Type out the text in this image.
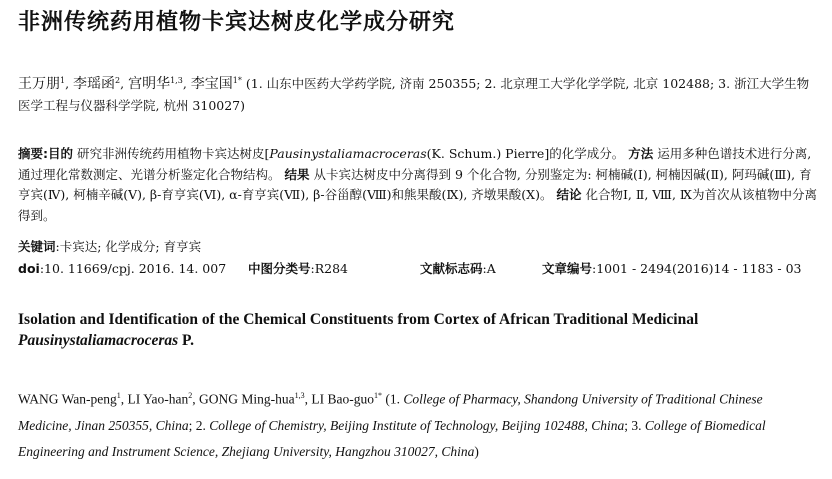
非洲传统药用植物卡宾达树皮化学成分研究
王万朋$^1$, 李瑶函$^2$, 宫明华$^{1,3}$, 李宝国$^{1*}$ (1. 山东中医药大学药学院, 济南 250355; 2. 北京理工大学化学学院, 北京 102488; 3. 浙江大学生物医学工程与仪器科学学院, 杭州 310027)
摘要:目的 研究非洲传统药用植物卡宾达树皮[Pausinystaliamacroceras(K. Schum.) Pierre]的化学成分。 方法 运用多种色谱技术进行分离, 通过理化常数测定、光谱分析鉴定化合物结构。 结果 从卡宾达树皮中分离得到 9 个化合物, 分别鉴定为: 柯楠碱(Ⅰ), 柯楠因碱(Ⅱ), 阿玛碱(Ⅲ), 育亨宾(Ⅳ), 柯楠辛碱(Ⅴ), β-育亨宾(Ⅵ), α-育亨宾(Ⅶ), β-谷甾醇(Ⅷ)和熊果酸(Ⅸ), 齐墩果酸(Ⅹ)。 结论 化合物Ⅰ, Ⅱ, Ⅷ, Ⅸ为首次从该植物中分离得到。
关键词:卡宾达; 化学成分; 育亨宾
doi:10. 11669/cpj. 2016. 14. 007 中图分类号:R284	文献标志码:A	文章编号:1001 - 2494(2016)14 - 1183 - 03
Isolation and Identification of the Chemical Constituents from Cortex of African Traditional Medicinal Pausinystaliamacroceras P.
WANG Wan-peng$^1$, LI Yao-han$^2$, GONG Ming-hua$^{1,3}$, LI Bao-guo$^{1*}$ (1. College of Pharmacy, Shandong University of Traditional Chinese Medicine, Jinan 250355, China; 2. College of Chemistry, Beijing Institute of Technology, Beijing 102488, China; 3. College of Biomedical Engineering and Instrument Science, Zhejiang University, Hangzhou 310027, China)
